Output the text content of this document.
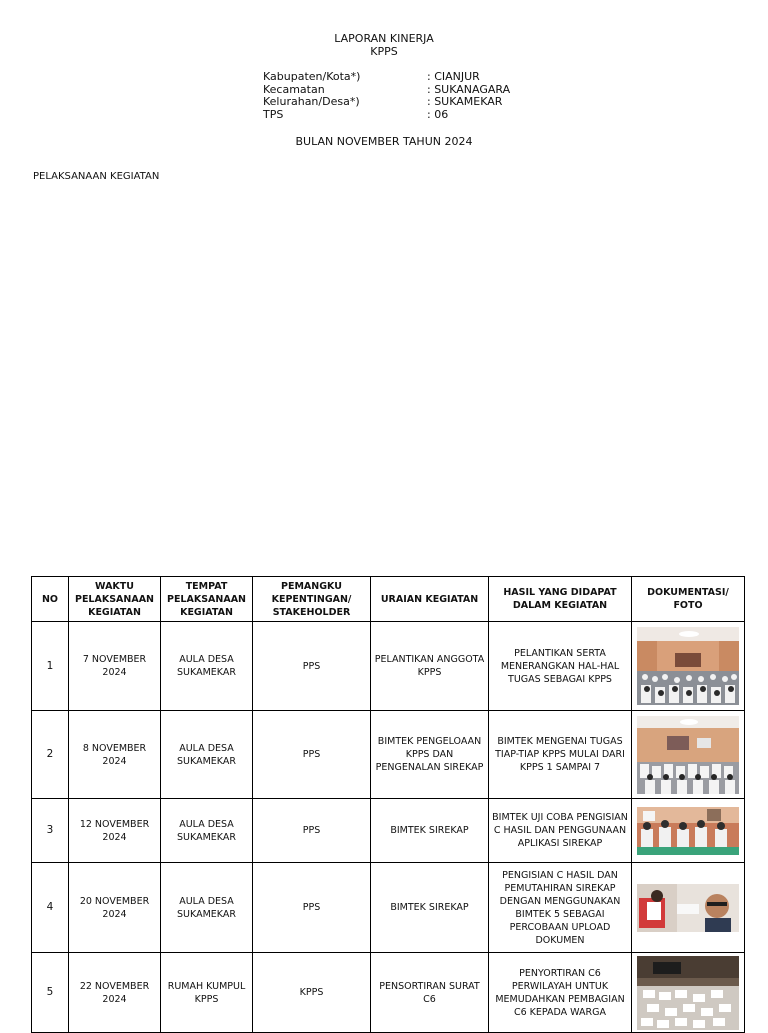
LAPORAN KINERJA
KPPS
Kabupaten/Kota*)	: CIANJUR
Kecamatan	: SUKANAGARA
Kelurahan/Desa*)	: SUKAMEKAR
TPS	: 06
BULAN NOVEMBER TAHUN 2024
PELAKSANAAN KEGIATAN
NO	WAKTU PELAKSANAAN KEGIATAN	TEMPAT PELAKSANAAN KEGIATAN	PEMANGKU KEPENTINGAN/ STAKEHOLDER	URAIAN KEGIATAN	HASIL YANG DIDAPAT DALAM KEGIATAN	DOKUMENTASI/ FOTO
1	7 NOVEMBER 2024	AULA DESA SUKAMEKAR	PPS	PELANTIKAN ANGGOTA KPPS	PELANTIKAN SERTA MENERANGKAN HAL-HAL TUGAS SEBAGAI KPPS	

2	8 NOVEMBER 2024	AULA DESA SUKAMEKAR	PPS	BIMTEK PENGELOAAN KPPS DAN PENGENALAN SIREKAP	BIMTEK MENGENAI TUGAS TIAP-TIAP KPPS MULAI DARI KPPS 1 SAMPAI 7	

3	12 NOVEMBER 2024	AULA DESA SUKAMEKAR	PPS	BIMTEK SIREKAP	BIMTEK UJI COBA PENGISIAN C HASIL DAN PENGGUNAAN APLIKASI SIREKAP	

4	20 NOVEMBER 2024	AULA DESA SUKAMEKAR	PPS	BIMTEK SIREKAP	PENGISIAN C HASIL DAN PEMUTAHIRAN SIREKAP DENGAN MENGGUNAKAN BIMTEK 5 SEBAGAI PERCOBAAN UPLOAD DOKUMEN	

5	22 NOVEMBER 2024	RUMAH KUMPUL KPPS	KPPS	PENSORTIRAN SURAT C6	PENYORTIRAN C6 PERWILAYAH UNTUK MEMUDAHKAN PEMBAGIAN C6 KEPADA WARGA	
